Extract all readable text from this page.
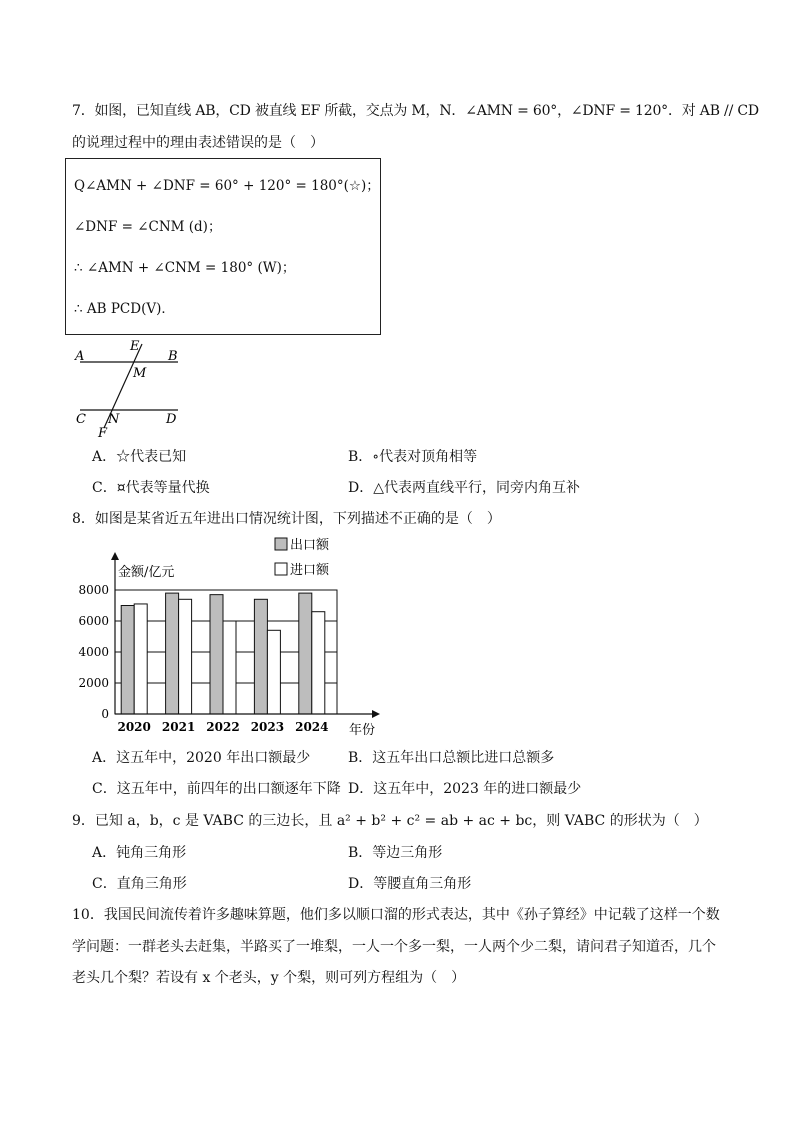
7．如图，已知直线 AB，CD 被直线 EF 所截，交点为 M，N．∠AMN = 60°，∠DNF = 120°．对 AB // CD
的说理过程中的理由表述错误的是（　）
Q∠AMN + ∠DNF = 60° + 120° = 180°(☆)；
∠DNF = ∠CNM (d)；
∴ ∠AMN + ∠CNM = 180° (W)；
∴ AB PCD(V)．
A	B
E
M
C N	D
F
A．☆代表已知	B．∘代表对顶角相等
C．¤代表等量代换	D．△代表两直线平行，同旁内角互补
8．如图是某省近五年进出口情况统计图，下列描述不正确的是（　）
0
2000
4000
6000
8000
2020 2021 2022 2023 2024
金额/亿元
年份
出口额
进口额
A．这五年中，2020 年出口额最少	B．这五年出口总额比进口总额多
C．这五年中，前四年的出口额逐年下降 D．这五年中，2023 年的进口额最少
9．已知 a，b，c 是 VABC 的三边长，且 a² + b² + c² = ab + ac + bc，则 VABC 的形状为（　）
A．钝角三角形	B．等边三角形
C．直角三角形	D．等腰直角三角形
10．我国民间流传着许多趣味算题，他们多以顺口溜的形式表达，其中《孙子算经》中记载了这样一个数
学问题：一群老头去赶集，半路买了一堆梨，一人一个多一梨，一人两个少二梨，请问君子知道否，几个
老头几个梨？若设有 x 个老头，y 个梨，则可列方程组为（　）
